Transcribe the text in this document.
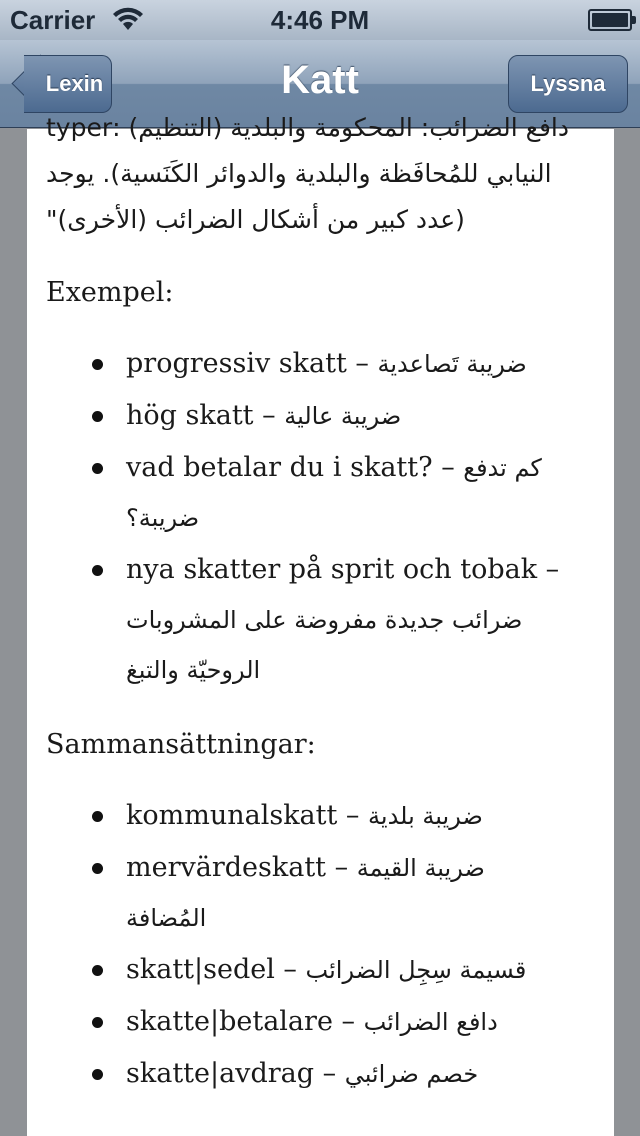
Carrier	4:46 PM
Lexin	Katt	Lyssna
دافع الضرائب: المحكومة والبلدية (التنظيم) :typer
النيابي للمُحافَظة والبلدية والدوائر الكَنَسية). يوجد
(عدد كبير من أشكال الضرائب (الأخرى)"
Exempel:
progressiv skatt – ضريبة تَصاعدية
hög skatt – ضريبة عالية
vad betalar du i skatt? – كم تدفع
ضريبة؟
nya skatter på sprit och tobak –
ضرائب جديدة مفروضة على المشروبات
الروحيّة والتبغ
Sammansättningar:
kommunalskatt – ضريبة بلدية
mervärdeskatt – ضريبة القيمة
المُضافة
skatt|sedel – قسيمة سِجِل الضرائب
skatte|betalare – دافع الضرائب
skatte|avdrag – خصم ضرائبي
